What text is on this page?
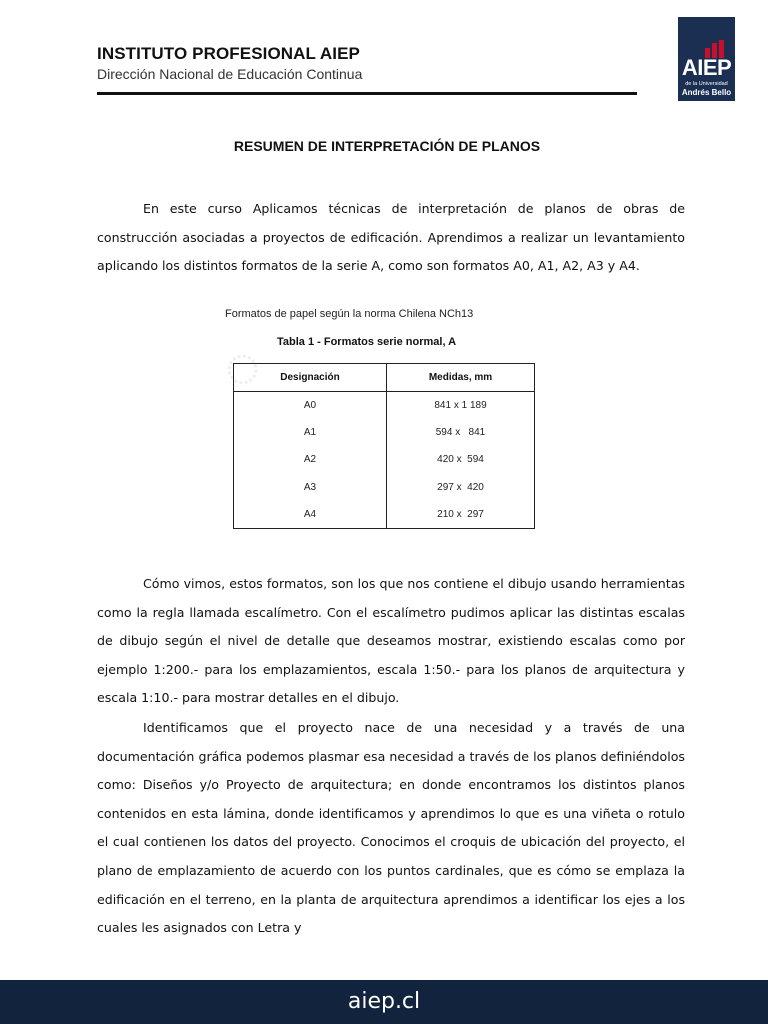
INSTITUTO PROFESIONAL AIEP
Dirección Nacional de Educación Continua	AIEP
de la Universidad
Andrés Bello
RESUMEN DE INTERPRETACIÓN DE PLANOS
En este curso Aplicamos técnicas de interpretación de planos de obras de construcción asociadas a proyectos de edificación. Aprendimos a realizar un levantamiento aplicando los distintos formatos de la serie A, como son formatos A0, A1, A2, A3 y A4.
◌
Formatos de papel según la norma Chilena NCh13
Tabla 1 - Formatos serie normal, A
Designación	Medidas, mm
A0	841 x 1 189
A1	594 x   841
A2	420 x  594
A3	297 x  420
A4	210 x  297
Cómo vimos, estos formatos, son los que nos contiene el dibujo usando herramientas como la regla llamada escalímetro. Con el escalímetro pudimos aplicar las distintas escalas de dibujo según el nivel de detalle que deseamos mostrar, existiendo escalas como por ejemplo 1:200.- para los emplazamientos, escala 1:50.- para los planos de arquitectura y escala 1:10.- para mostrar detalles en el dibujo.
Identificamos que el proyecto nace de una necesidad y a través de una documentación gráfica podemos plasmar esa necesidad a través de los planos definiéndolos como: Diseños y/o Proyecto de arquitectura; en donde encontramos los distintos planos contenidos en esta lámina, donde identificamos y aprendimos lo que es una viñeta o rotulo el cual contienen los datos del proyecto. Conocimos el croquis de ubicación del proyecto, el plano de emplazamiento de acuerdo con los puntos cardinales, que es cómo se emplaza la edificación en el terreno, en la planta de arquitectura aprendimos a identificar los ejes a los cuales les asignados con Letra y
aiep.cl
